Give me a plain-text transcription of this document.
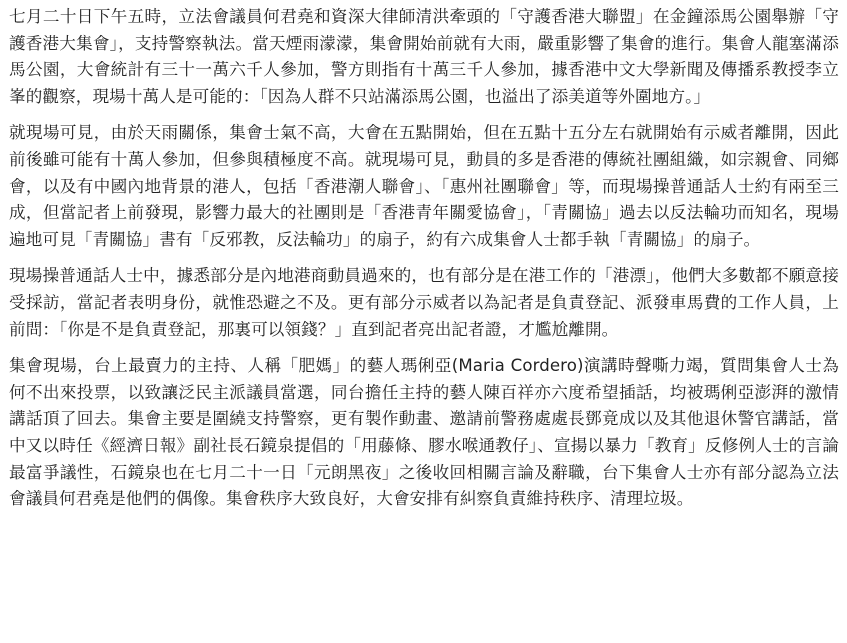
七月二十日下午五時，立法會議員何君堯和資深大律師清洪牽頭的「守護香港大聯盟」在金鐘添馬公園舉辦「守護香港大集會」，支持警察執法。當天煙雨濛濛，集會開始前就有大雨，嚴重影響了集會的進行。集會人龍塞滿添馬公園，大會統計有三十一萬六千人參加，警方則指有十萬三千人參加，據香港中文大學新聞及傳播系教授李立峯的觀察，現場十萬人是可能的：「因為人群不只站滿添馬公園，也溢出了添美道等外圍地方。」

就現場可見，由於天雨關係，集會士氣不高，大會在五點開始，但在五點十五分左右就開始有示威者離開，因此前後雖可能有十萬人參加，但參與積極度不高。就現場可見，動員的多是香港的傳統社團組織，如宗親會、同鄉會，以及有中國內地背景的港人，包括「香港潮人聯會」、「惠州社團聯會」等，而現場操普通話人士約有兩至三成，但當記者上前發現，影響力最大的社團則是「香港青年關愛協會」，「青關協」過去以反法輪功而知名，現場遍地可見「青關協」書有「反邪教，反法輪功」的扇子，約有六成集會人士都手執「青關協」的扇子。

現場操普通話人士中，據悉部分是內地港商動員過來的，也有部分是在港工作的「港漂」，他們大多數都不願意接受採訪，當記者表明身份，就惟恐避之不及。更有部分示威者以為記者是負責登記、派發車馬費的工作人員，上前問：「你是不是負責登記，那裏可以領錢？」直到記者亮出記者證，才尷尬離開。

集會現場，台上最賣力的主持、人稱「肥媽」的藝人瑪俐亞(Maria Cordero)演講時聲嘶力竭，質問集會人士為何不出來投票，以致讓泛民主派議員當選，同台擔任主持的藝人陳百祥亦六度希望插話，均被瑪俐亞澎湃的激情講話頂了回去。集會主要是圍繞支持警察，更有製作動畫、邀請前警務處處長鄧竟成以及其他退休警官講話，當中又以時任《經濟日報》副社長石鏡泉提倡的「用藤條、膠水喉通教仔」、宣揚以暴力「教育」反修例人士的言論最富爭議性，石鏡泉也在七月二十一日「元朗黑夜」之後收回相關言論及辭職，台下集會人士亦有部分認為立法會議員何君堯是他們的偶像。集會秩序大致良好，大會安排有糾察負責維持秩序、清理垃圾。
